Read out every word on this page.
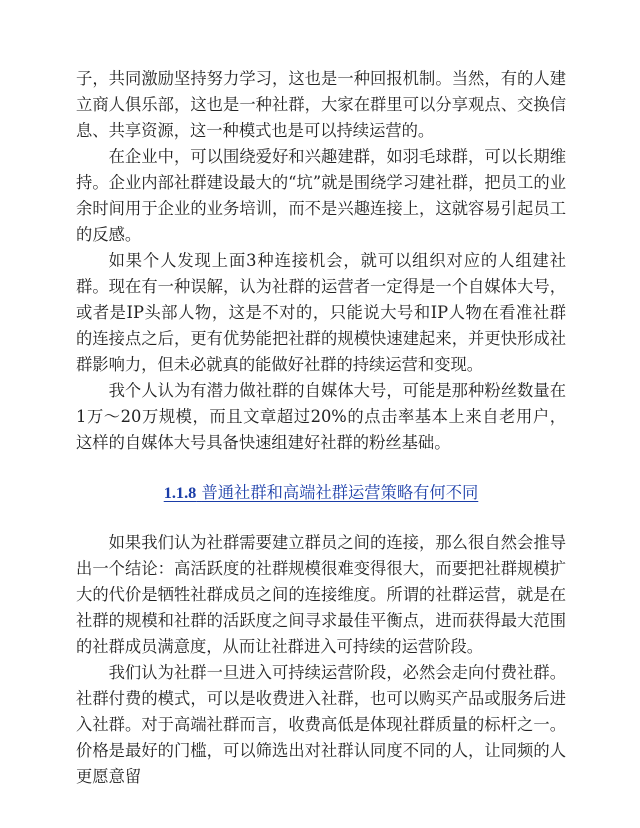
子，共同激励坚持努力学习，这也是一种回报机制。当然，有的人建立商人俱乐部，这也是一种社群，大家在群里可以分享观点、交换信息、共享资源，这一种模式也是可以持续运营的。

在企业中，可以围绕爱好和兴趣建群，如羽毛球群，可以长期维持。企业内部社群建设最大的“坑”就是围绕学习建社群，把员工的业余时间用于企业的业务培训，而不是兴趣连接上，这就容易引起员工的反感。

如果个人发现上面3种连接机会，就可以组织对应的人组建社群。现在有一种误解，认为社群的运营者一定得是一个自媒体大号，或者是IP头部人物，这是不对的，只能说大号和IP人物在看准社群的连接点之后，更有优势能把社群的规模快速建起来，并更快形成社群影响力，但未必就真的能做好社群的持续运营和变现。

我个人认为有潜力做社群的自媒体大号，可能是那种粉丝数量在1万～20万规模，而且文章超过20%的点击率基本上来自老用户，这样的自媒体大号具备快速组建好社群的粉丝基础。

1.1.8 普通社群和高端社群运营策略有何不同

如果我们认为社群需要建立群员之间的连接，那么很自然会推导出一个结论：高活跃度的社群规模很难变得很大，而要把社群规模扩大的代价是牺牲社群成员之间的连接维度。所谓的社群运营，就是在社群的规模和社群的活跃度之间寻求最佳平衡点，进而获得最大范围的社群成员满意度，从而让社群进入可持续的运营阶段。

我们认为社群一旦进入可持续运营阶段，必然会走向付费社群。社群付费的模式，可以是收费进入社群，也可以购买产品或服务后进入社群。对于高端社群而言，收费高低是体现社群质量的标杆之一。价格是最好的门槛，可以筛选出对社群认同度不同的人，让同频的人更愿意留
